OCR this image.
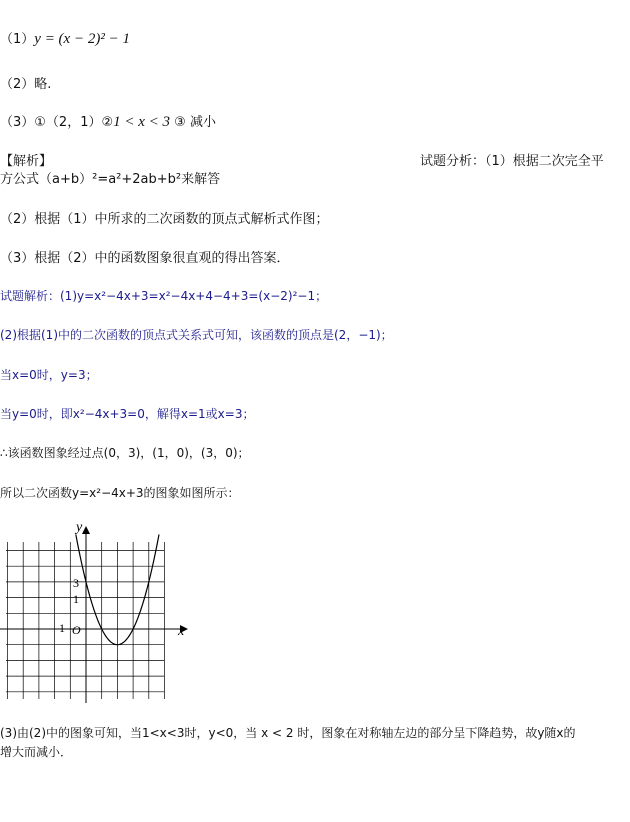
（1）y = (x − 2)² − 1
（2）略.
（3）①（2，1）②1 < x < 3 ③ 减小
【解析】	试题分析：（1）根据二次完全平
方公式（a+b）²=a²+2ab+b²来解答
（2）根据（1）中所求的二次函数的顶点式解析式作图；
（3）根据（2）中的函数图象很直观的得出答案．
试题解析：(1)y=x²−4x+3=x²−4x+4−4+3=(x−2)²−1；
(2)根据(1)中的二次函数的顶点式关系式可知，该函数的顶点是(2，−1)；
当x=0时，y=3；
当y=0时，即x²−4x+3=0，解得x=1或x=3；
∴该函数图象经过点(0，3)，(1，0)，(3，0)；
所以二次函数y=x²−4x+3的图象如图所示：
x
y
O
3
1
-1
(3)由(2)中的图象可知，当1<x<3时，y<0，当 x < 2 时，图象在对称轴左边的部分呈下降趋势，故y随x的
增大而减小．
